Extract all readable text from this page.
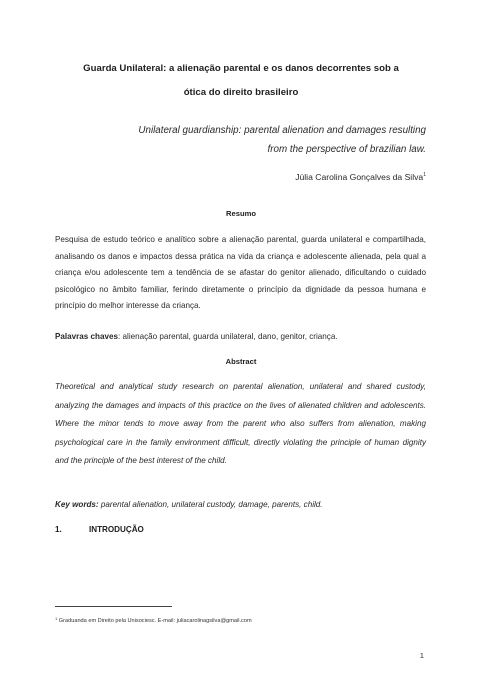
Guarda Unilateral: a alienação parental e os danos decorrentes sob a
ótica do direito brasileiro
Unilateral guardianship: parental alienation and damages resulting
from the perspective of brazilian law.
Júlia Carolina Gonçalves da Silva$^1$
Resumo
Pesquisa de estudo teórico e analítico sobre a alienação parental, guarda unilateral e compartilhada, analisando os danos e impactos dessa prática na vida da criança e adolescente alienada, pela qual a criança e/ou adolescente tem a tendência de se afastar do genitor alienado, dificultando o cuidado psicológico no âmbito familiar, ferindo diretamente o princípio da dignidade da pessoa humana e princípio do melhor interesse da criança.
Palavras chaves: alienação parental, guarda unilateral, dano, genitor, criança.
Abstract
Theoretical and analytical study research on parental alienation, unilateral and shared custody, analyzing the damages and impacts of this practice on the lives of alienated children and adolescents. Where the minor tends to move away from the parent who also suffers from alienation, making psychological care in the family environment difficult, directly violating the principle of human dignity and the principle of the best interest of the child.
Key words: parental alienation, unilateral custody, damage, parents, child.
1.	INTRODUÇÃO
$^1$ Graduanda em Direito pela Unisociesc. E-mail: juliacarolinagsilva@gmail.com
1
